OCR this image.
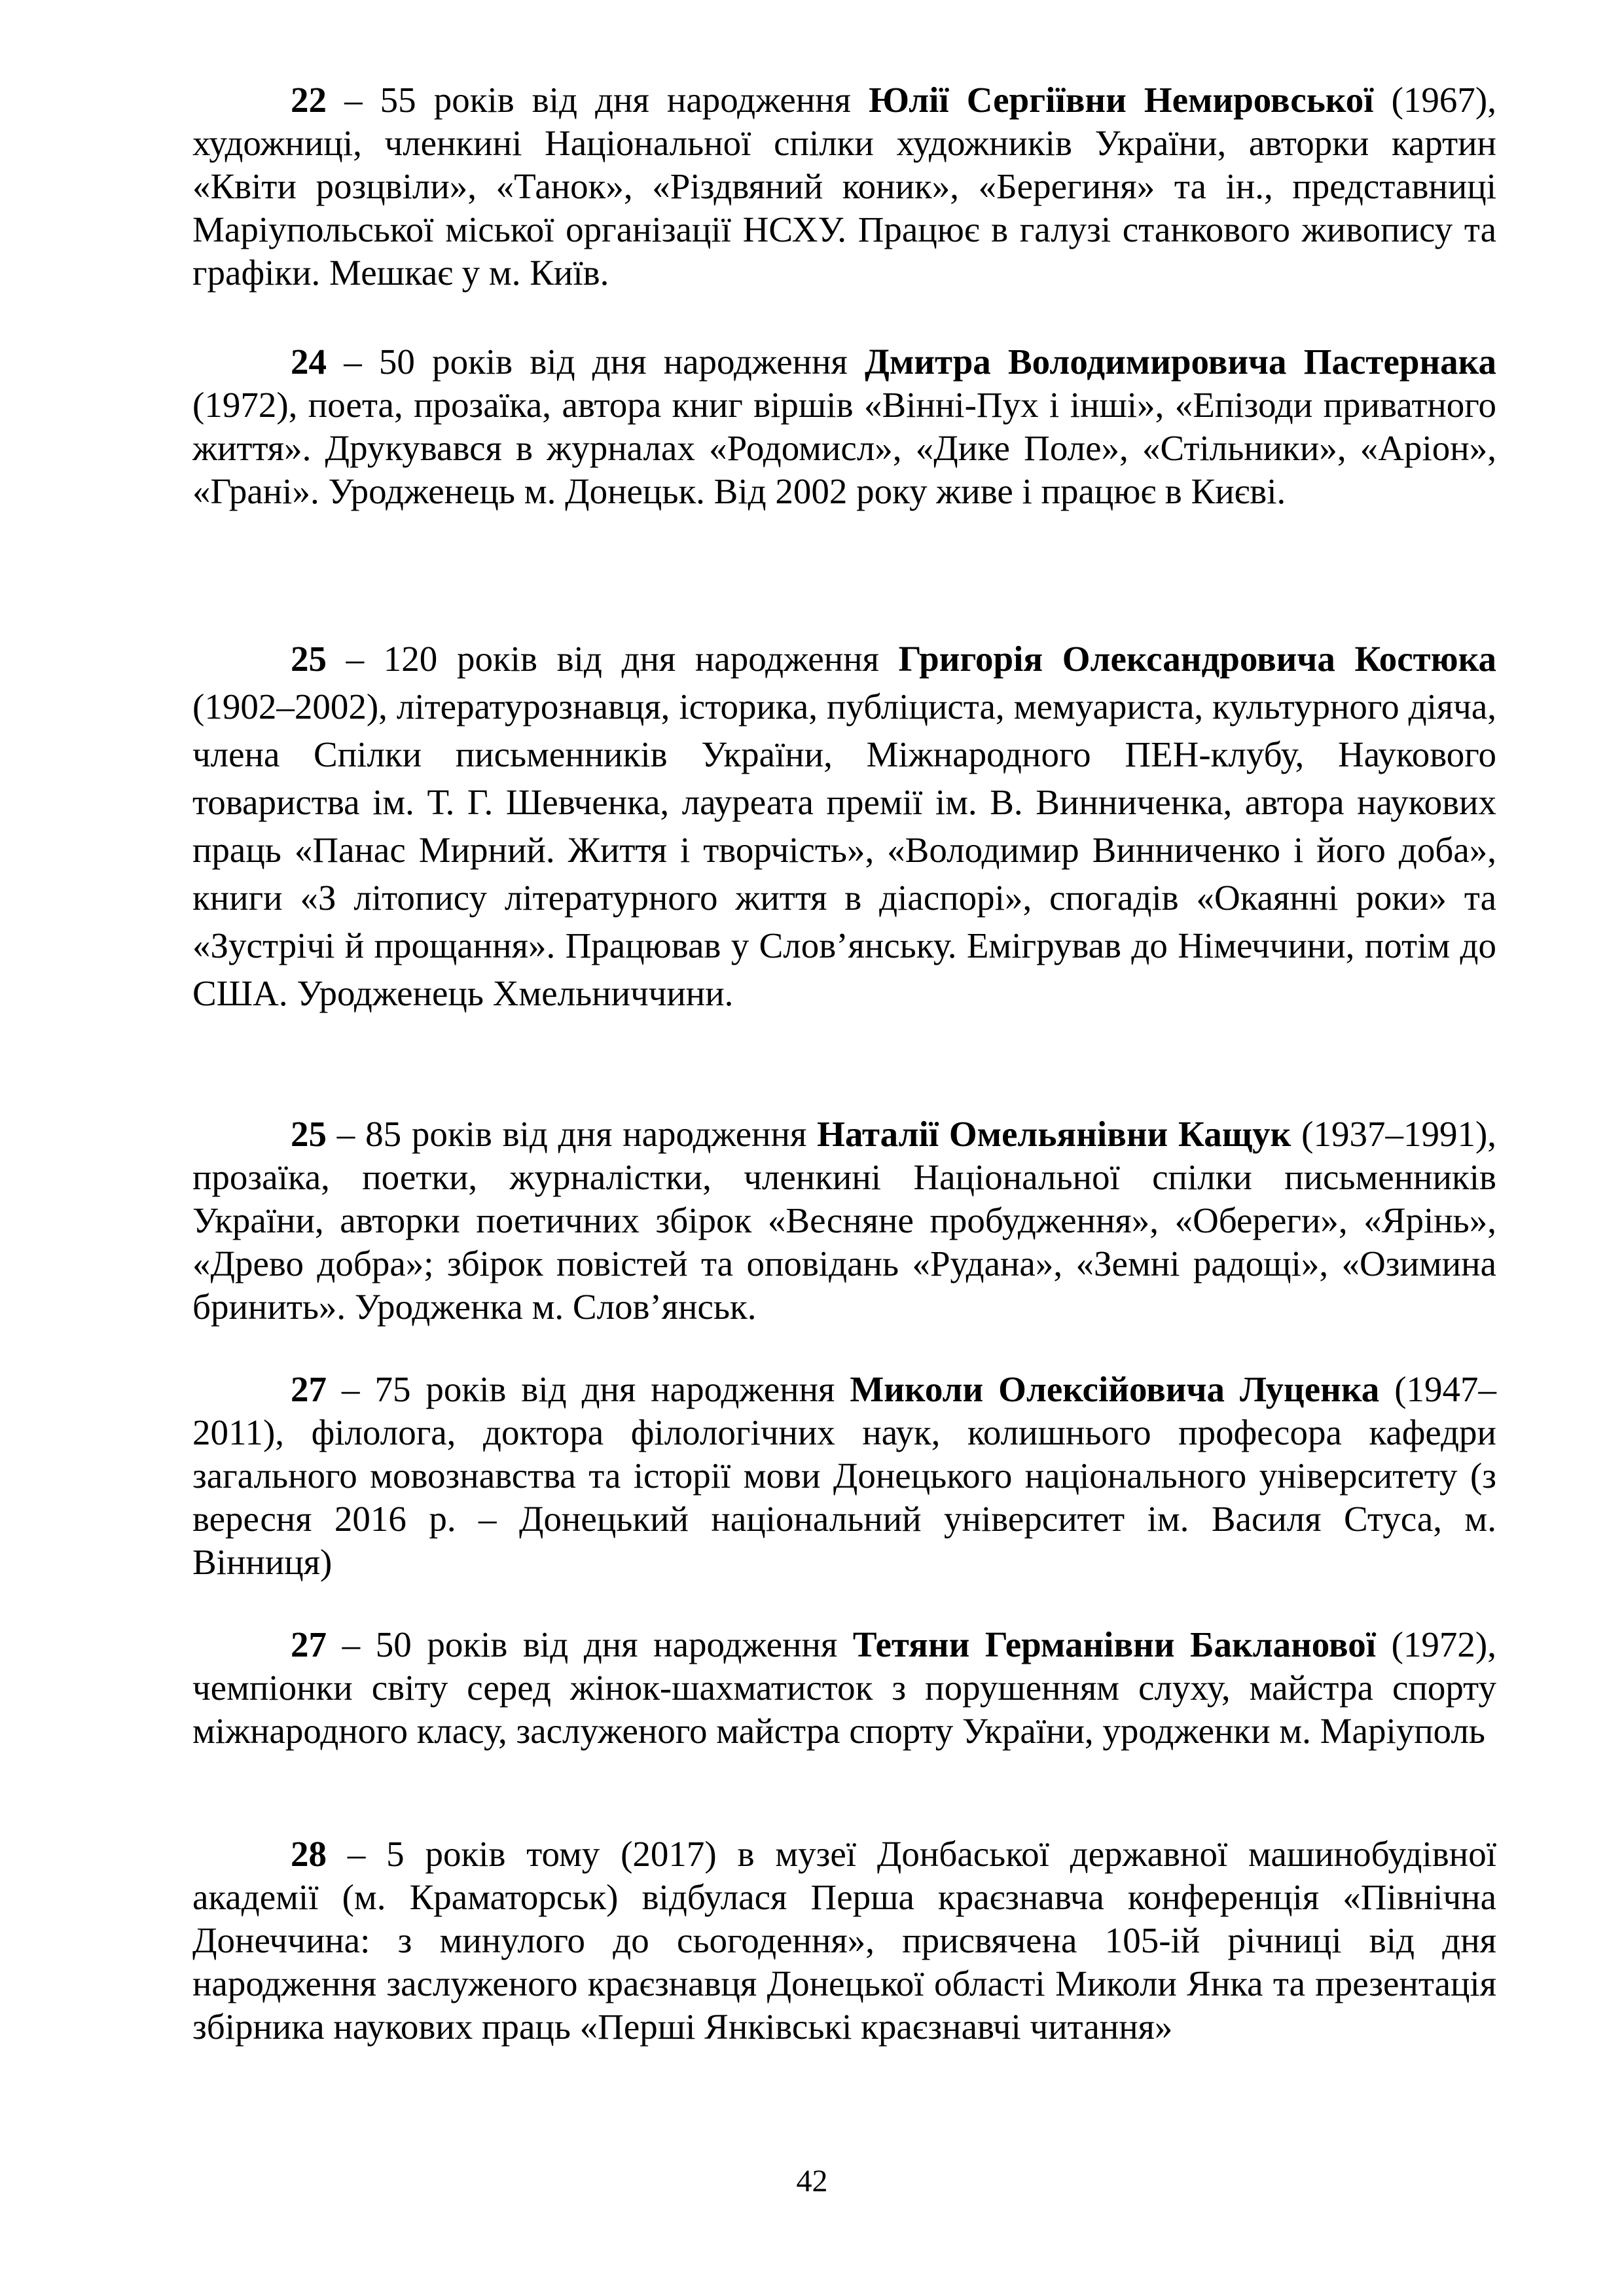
22 – 55 років від дня народження Юлії Сергіївни Немировської (1967), художниці, членкині Національної спілки художників України, авторки картин «Квіти розцвіли», «Танок», «Різдвяний коник», «Берегиня» та ін., представниці Маріупольської міської організації НСХУ. Працює в галузі станкового живопису та графіки. Мешкає у м. Київ.

24 – 50 років від дня народження Дмитра Володимировича Пастернака (1972), поета, прозаїка, автора книг віршів «Вінні-Пух і інші», «Епізоди приватного життя». Друкувався в журналах «Родомисл», «Дике Поле», «Стільники», «Аріон», «Грані». Уродженець м. Донецьк. Від 2002 року живе і працює в Києві.

25 – 120 років від дня народження Григорія Олександровича Костюка (1902–2002), літературознавця, історика, публіциста, мемуариста, культурного діяча, члена Спілки письменників України, Міжнародного ПЕН-клубу, Наукового товариства ім. Т. Г. Шевченка, лауреата премії ім. В. Винниченка, автора наукових праць «Панас Мирний. Життя і творчість», «Володимир Винниченко і його доба», книги «З літопису літературного життя в діаспорі», спогадів «Окаянні роки» та «Зустрічі й прощання». Працював у Слов’янську. Емігрував до Німеччини, потім до США. Уродженець Хмельниччини.

25 – 85 років від дня народження Наталії Омельянівни Кащук (1937–1991), прозаїка, поетки, журналістки, членкині Національної спілки письменників України, авторки поетичних збірок «Весняне пробудження», «Обереги», «Ярінь», «Древо добра»; збірок повістей та оповідань «Рудана», «Земні радощі», «Озимина бринить». Уродженка м. Слов’янськ.

27 – 75 років від дня народження Миколи Олексійовича Луценка (1947–2011), філолога, доктора філологічних наук, колишнього професора кафедри загального мовознавства та історії мови Донецького національного університету (з вересня 2016 р. – Донецький національний університет ім. Василя Стуса, м. Вінниця)

27 – 50 років від дня народження Тетяни Германівни Бакланової (1972), чемпіонки світу серед жінок-шахматисток з порушенням слуху, майстра спорту міжнародного класу, заслуженого майстра спорту України, уродженки м. Маріуполь

28 – 5 років тому (2017) в музеї Донбаської державної машинобудівної академії (м. Краматорськ) відбулася Перша краєзнавча конференція «Північна Донеччина: з минулого до сьогодення», присвячена 105-ій річниці від дня народження заслуженого краєзнавця Донецької області Миколи Янка та презентація збірника наукових праць «Перші Янківські краєзнавчі читання»

42
